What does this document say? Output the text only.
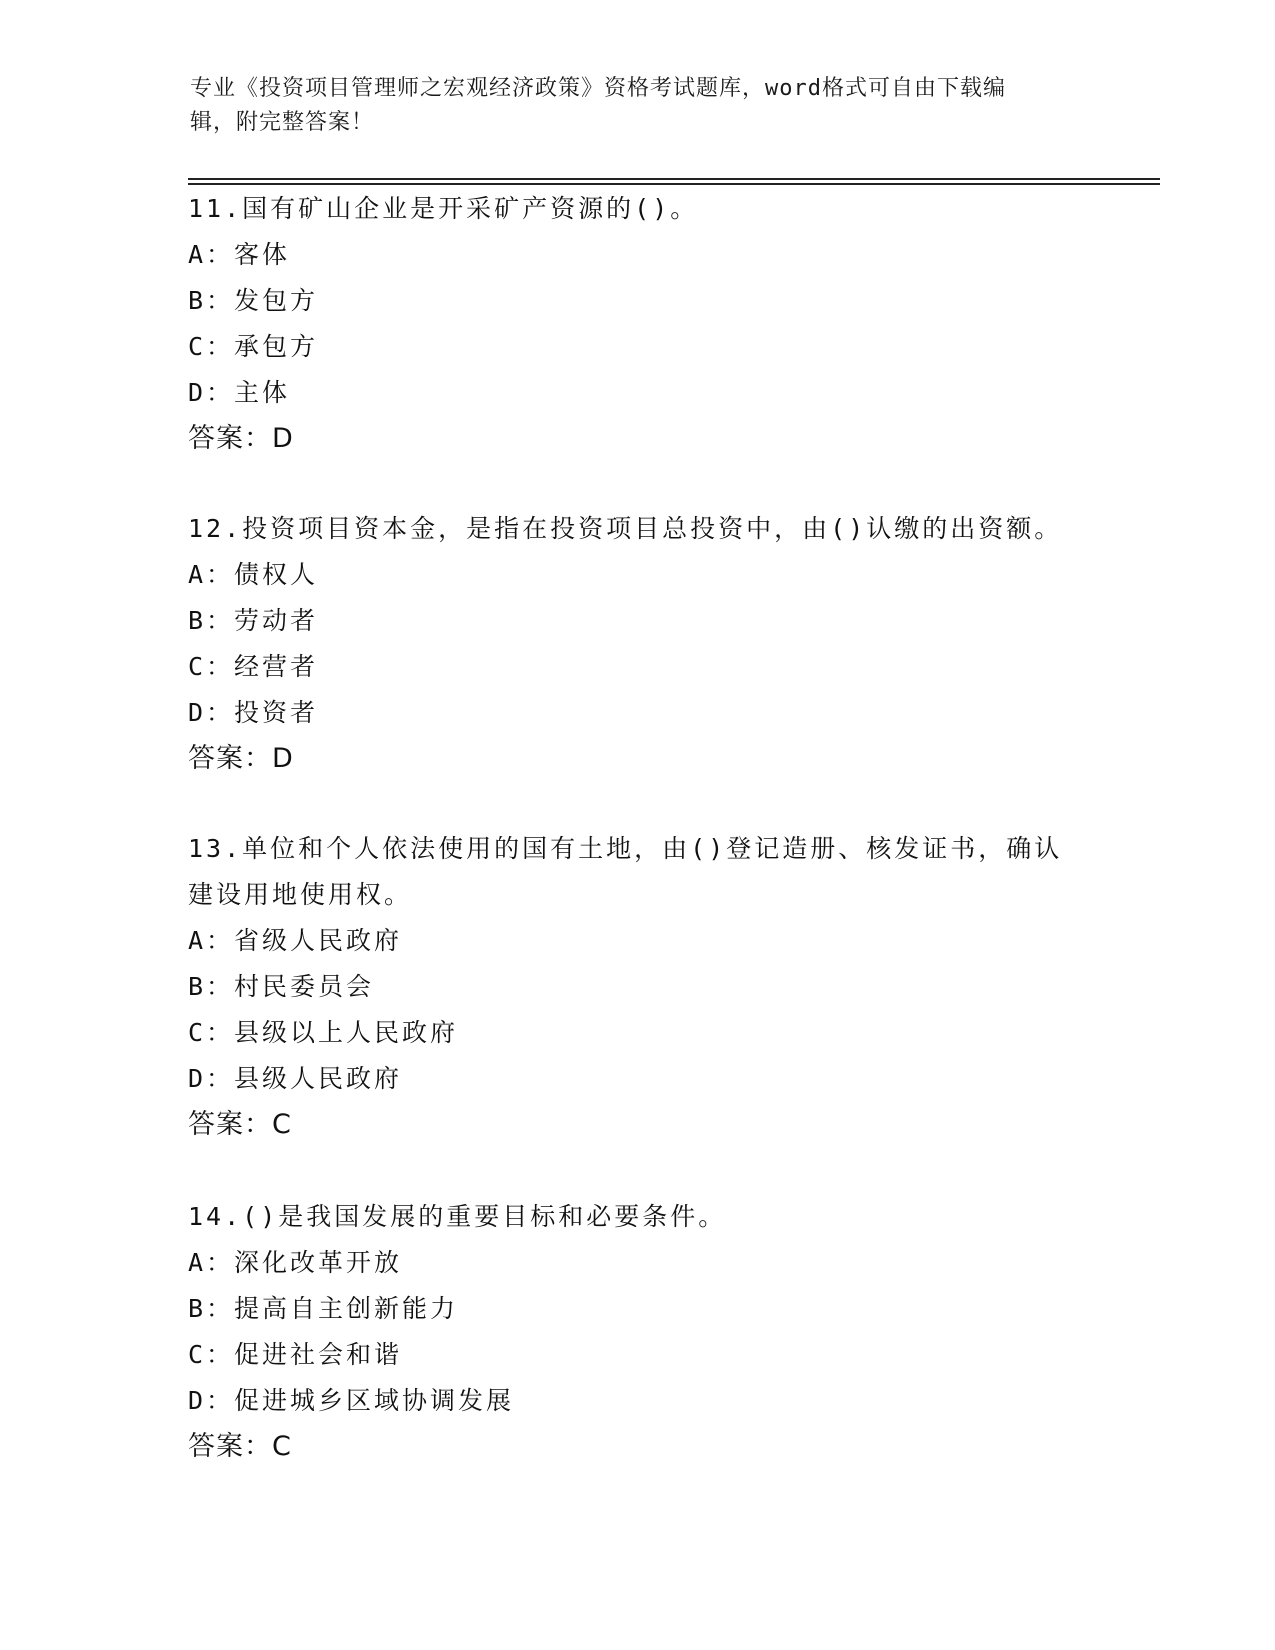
专业《投资项目管理师之宏观经济政策》资格考试题库，word格式可自由下载编
辑，附完整答案！
11.国有矿山企业是开采矿产资源的()。
A：客体
B：发包方
C：承包方
D：主体
答案：D
12.投资项目资本金，是指在投资项目总投资中，由()认缴的出资额。
A：债权人
B：劳动者
C：经营者
D：投资者
答案：D
13.单位和个人依法使用的国有土地，由()登记造册、核发证书，确认
建设用地使用权。
A：省级人民政府
B：村民委员会
C：县级以上人民政府
D：县级人民政府
答案：C
14.()是我国发展的重要目标和必要条件。
A：深化改革开放
B：提高自主创新能力
C：促进社会和谐
D：促进城乡区域协调发展
答案：C
